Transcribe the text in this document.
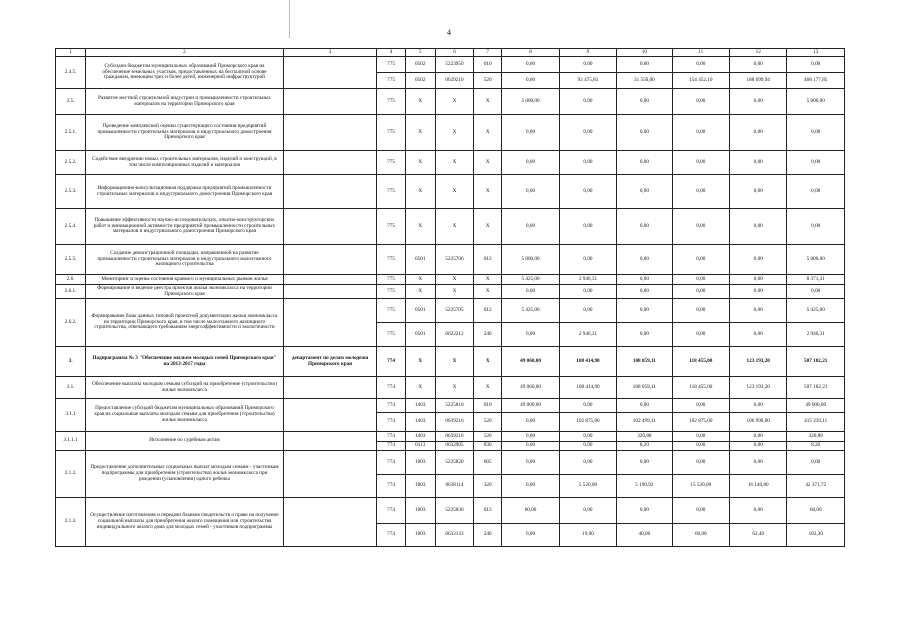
4
1	2	3	4	5	6	7	8	9	10	11	12	13
2.4.5.	Субсидии бюджетам муниципальных образований Приморского края на обеспечение земельных участков, предоставленных на бесплатной основе гражданам, имеющим трех и более детей, инженерной инфраструктурой		775	0502	5223950	010	0,00	0,00	0,00	0,00	0,00	0,00
			775	0502	0629210	520	0,00	93 475,81	31 550,00	154 452,10	188 699,94	468 177,85
2.5.	Развитие местной строительной индустрии и промышленности строительных материалов на территории Приморского края		775	X	X	X	5 000,00	0,00	0,00	0,00	0,00	5 000,00
2.5.1.	Проведение комплексной оценки существующего состояния предприятий промышленности строительных материалов и индустриального домостроения Приморского края		775	X	X	X	0,00	0,00	0,00	0,00	0,00	0,00
2.5.2.	Содействие внедрению новых строительных материалов, изделий и конструкций, в том числе композиционных изделий и материалов		775	X	X	X	0,00	0,00	0,00	0,00	0,00	0,00
2.5.3.	Информационно-консультационная поддержка предприятий промышленности строительных материалов и индустриального домостроения Приморского края		775	X	X	X	0,00	0,00	0,00	0,00	0,00	0,00
2.5.4.	Повышение эффективности научно-исследовательских, опытно-конструкторских работ и инновационной активности предприятий промышленности строительных материалов и индустриального домостроения Приморского края		775	X	X	X	0,00	0,00	0,00	0,00	0,00	0,00
2.5.5.	Создание демонстрационной площадки, направленной на развитие промышленности строительных материалов и индустриального малоэтажного жилищного строительства		775	0501	5225706	012	5 000,00	0,00	0,00	0,00	0,00	5 000,00
2.6.	Мониторинг и оценка состояния краевого и муниципальных рынков жилья		775	X	X	X	5 425,00	2 946,31	0,00	0,00	0,00	8 371,31
2.6.1.	Формирование и ведение реестра проектов жилья экономкласса на территории Приморского края		775	X	X	X	0,00	0,00	0,00	0,00	0,00	0,00
2.6.2.	Формирование базы данных типовой проектной документации жилья экономкласса на территории Приморского края, в том числе малоэтажного жилищного строительства, отвечающего требованиям энергоэффективности и экологичности		775	0501	5225705	012	5 425,00	0,00	0,00	0,00	0,00	5 425,00
			775	0501	0622212	240	0,00	2 946,31	0,00	0,00	0,00	2 946,31
3.	Подпрограмма № 3 "Обеспечение жильем молодых семей Приморского края" на 2013-2017 годы	департамент по делам молодежи Приморского края	774	X	X	X	49 060,00	108 414,90	108 059,11	118 455,00	123 193,20	507 182,21
3.1.	Обеспечение выплаты молодым семьям субсидий на приобретение (строительство) жилья экономкласса		774	X	X	X	49 060,00	108 414,90	108 059,11	118 455,00	123 193,20	507 182,21
3.1.1	Предоставление субсидий бюджетам муниципальных образований Приморского края на социальные выплаты молодым семьям для приобретения (строительства) жилья экономкласса		774	1403	5225810	010	49 000,00	0,00	0,00	0,00	0,00	49 000,00
			774	1403	0639216	520	0,00	102 875,00	102 499,11	102 875,00	106 990,00	415 239,11
3.1.1.1	Исполнение по судебным актам		774	1403	0639216	520	0,00	0,00	320,88	0,00	0,00	320,88
			774	0113	0632905	830	0,00	0,00	8,20	0,00	0,00	8,20
3.1.2.	Предоставление дополнительных социальных выплат молодым семьям - участникам подпрограммы для приобретения (строительства) жилья экономкласса при рождении (усыновлении) одного ребенка		774	1003	5225820	005	0,00	0,00	0,00	0,00	0,00	0,00
			774	1003	0638114	320	0,00	5 520,00	5 190,92	15 520,00	16 140,80	42 371,72
3.1.3.	Осуществление изготовления и передачи бланков свидетельств о праве на получение социальной выплаты для приобретения жилого помещения или строительства индивидуального жилого дома для молодых семей - участников подпрограммы		774	1003	5225830	013	60,00	0,00	0,00	0,00	0,00	60,00
			774	1003	0632133	240	0,00	19,90	40,00	60,00	62,40	182,30
